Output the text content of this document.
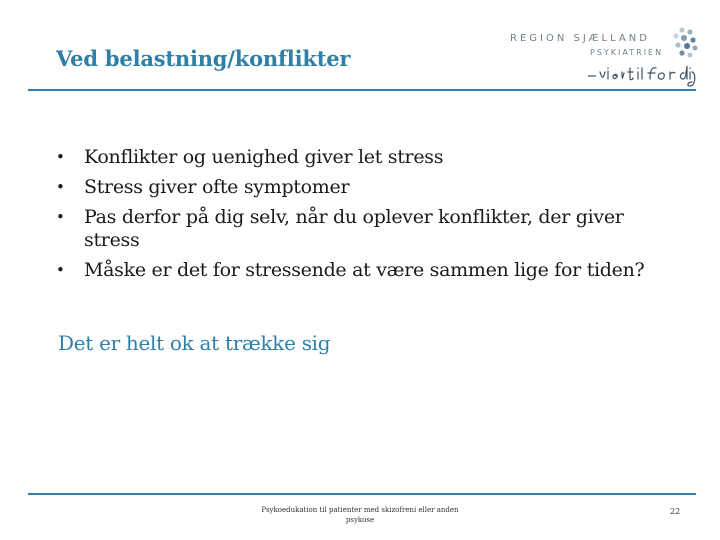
Ved belastning/konflikter
REGION SJÆLLAND
PSYKIATRIEN
• Konflikter og uenighed giver let stress
• Stress giver ofte symptomer
• Pas derfor på dig selv, når du oplever konflikter, der giver stress
• Måske er det for stressende at være sammen lige for tiden?
Det er helt ok at trække sig
Psykoedukation til patienter med skizofreni eller anden psykose
22
